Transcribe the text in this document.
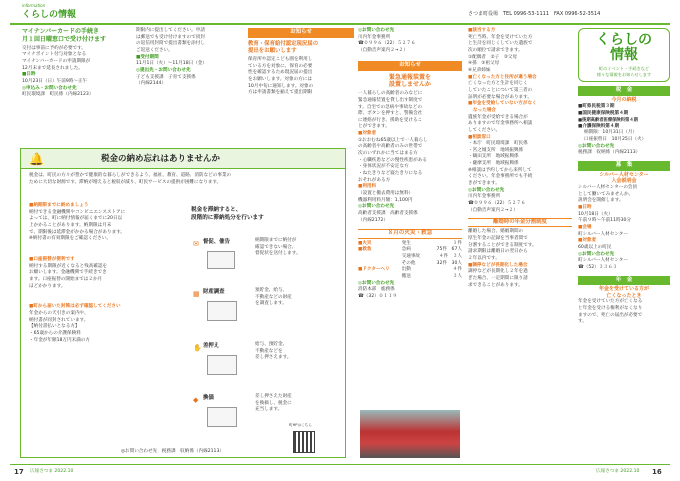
information
くらしの情報	さつま町役場　TEL 0996-53-1111　FAX 0996-52-3514

マイナンバーカードの手続き

月１回日曜窓口で受け付けます

交付は事前に予約が必要です。

マイナポイント付与対象となる

マイナンバーカードの申請期限が

12月末まで延長されました。

■日時

10月23日（日）午前9時～正午

◎申込み・お問い合わせ先

町民環境課　町民係（内線2123）

期限内に提出してください。申請

は郵送でも受け付けますので同封

の返信用封筒で提出書類を添付し

ご返送ください。

■受付期間

11月1日（火）～11月18日（金）

◎提出先・お問い合わせ先

子ども支援課　子育て支援係

（内線2144）

お知らせ

教育・保育給付認定現況届の

提出をお願いします

保育所や認定こども園を利用し

ている方を対象に、保育の必要

性を確認するため現況届の提出

をお願いします。対象の方には

10月中旬に通知します。対象の

方は申請書類を揃えて提出期限

🔔	税金の納め忘れはありませんか

税金は、町民の方々が豊かで健康的な暮らしができるよう、福祉、教育、道路、消防などの事業の

ために大切な財源です。滞納が増えると税収が減り、町民サービスの提供が困難になります。

■納期限までに納めましょう

納付できる金融機関やコンビニエンスストアに

よっては、町に納付情報が届くまでに20日以

上かかることがあります。納期限は月末

で、期限後は延滞金がかかる場合があります。

※納付書の有効期限をご確認ください。

■口座振替が便利です

納付する期限が近くなると残高確認を

お願いします。金融機関で手続きでき

ます。口座振替の開始までは２か月

ほどかかります。

■町から届いた封筒は必ず確認してください

年金からの天引きの案内や、

納付書が同封されています。

【納付書払いとなる方】

・65歳からの介護保険料

・年金が年額18万円未満の方

税金を滞納すると、

段階的に滞納処分を行います

✉ 督促、催告	納期限までに納付が

確認できない場合、

督促状を送付します。

▦ 財産調査	預貯金、給与、

不動産などの財産

を調査します。

✋ 差押え	給与、預貯金、

不動産などを

差し押さえます。

◆ 換価	差し押さえた財産

を換価し、税金に

充当します。

町HPはこちら
◎お問い合わせ先　税務課　収納係（内線2113）

◎お問い合わせ先

川内年金事務所

☎０９９６（22）５２７６

（自動音声案内２→２）

お知らせ

緊急通報装置を

設置しませんか

一人暮らしの高齢者のみなどに

緊急通報装置を貸し出す制度で

す。自宅での急病や事故などの

際、ボタンを押すと、警備会社

に連絡が行き、援助を受けるこ

とができます。

■対象者

①おおむね65歳以上で一人暮らし

の高齢者や高齢者のみの世帯で

次のいずれかに当てはまる方

・心臓疾患などの慢性疾患がある

・身体状況が不安定な方

・ねたきりなど寝たきりになる

おそれがある方

■利用料

（設置と撤去費用は無料）

機器利用料月額：1,100円

◎お問い合わせ先

高齢者支援課　高齢者支援係

（内線2172）

８月の火災・救急
■火災	発生	１件
■救急	急病	75件　67人
	交通事故	４件　３人
	その他	32件　30人
■ドクターヘリ	出動	４件
	搬送	３人

◎お問い合わせ先

消防本部　総務係

☎（32）０１１９

■該当する方

死亡当時、年金を受けていた方

と生計を同じくしていた遺族で

次の順位で請求できます。

①配偶者　②子　③父母

④孫　⑤祖父母

⑥兄弟姉妹

■亡くなった方と住所が違う場合

亡くなった方と生計を同じく

していたことについて第三者の

証明が必要な場合があります。

■年金を受給していない方がなく

なった場合

遺族年金が受給できる場合が

ありますので年金事務所へ相談

してください。

■相談窓口

・本庁　町民環境課　町民係

・宮之城支所　地域振興係

・鶴田支所　地域振興係

・薩摩支所　地域振興係

※相談は予約してから来所して

ください。年金事務所でも手続

きができます。

◎お問い合わせ先

川内年金事務所

☎０９９６（22）５２７６

（自動音声案内２→２）

離婚時の年金分割制度

離婚した場合、婚姻期間の

厚生年金の記録を当事者間で

分割することができる制度です。

請求期限は離婚日の翌日から

２年以内です。

■調停などが長期化した場合

調停などが長期化し２年を過

ぎた場合、一定期間に限り請

求できることがあります。

くらしの
情報

町のイベント・手続きなど

様々な情報をお知らせします

税　金
今月の納税

■町県民税第３期

■国民健康保険税第４期

■後期高齢者医療保険料第４期

■介護保険料第４期

納期限：10月31日（月）

口座振替日　10月25日（火）

◎お問い合わせ先

税務課　収納係（内線2113）

募　集

シルバー人材センター

入会説明会

シルバー人材センターの会員

として働いてみませんか。

説明会を開催します。

■日時

10月18日（火）

午前９時～午前11時30分

■会場

町シルバー人材センター

■対象者

60歳以上の町民

◎お問い合わせ先

町シルバー人材センター

☎（52）３３６３

年　金

年金を受けている方が

亡くなったとき

年金を受けていた方が亡くなる

と年金を受ける権利がなくなり

ますので、死亡の届出が必要で

す。

17 広報さつま 2022.10	広報さつま 2022.10 16
